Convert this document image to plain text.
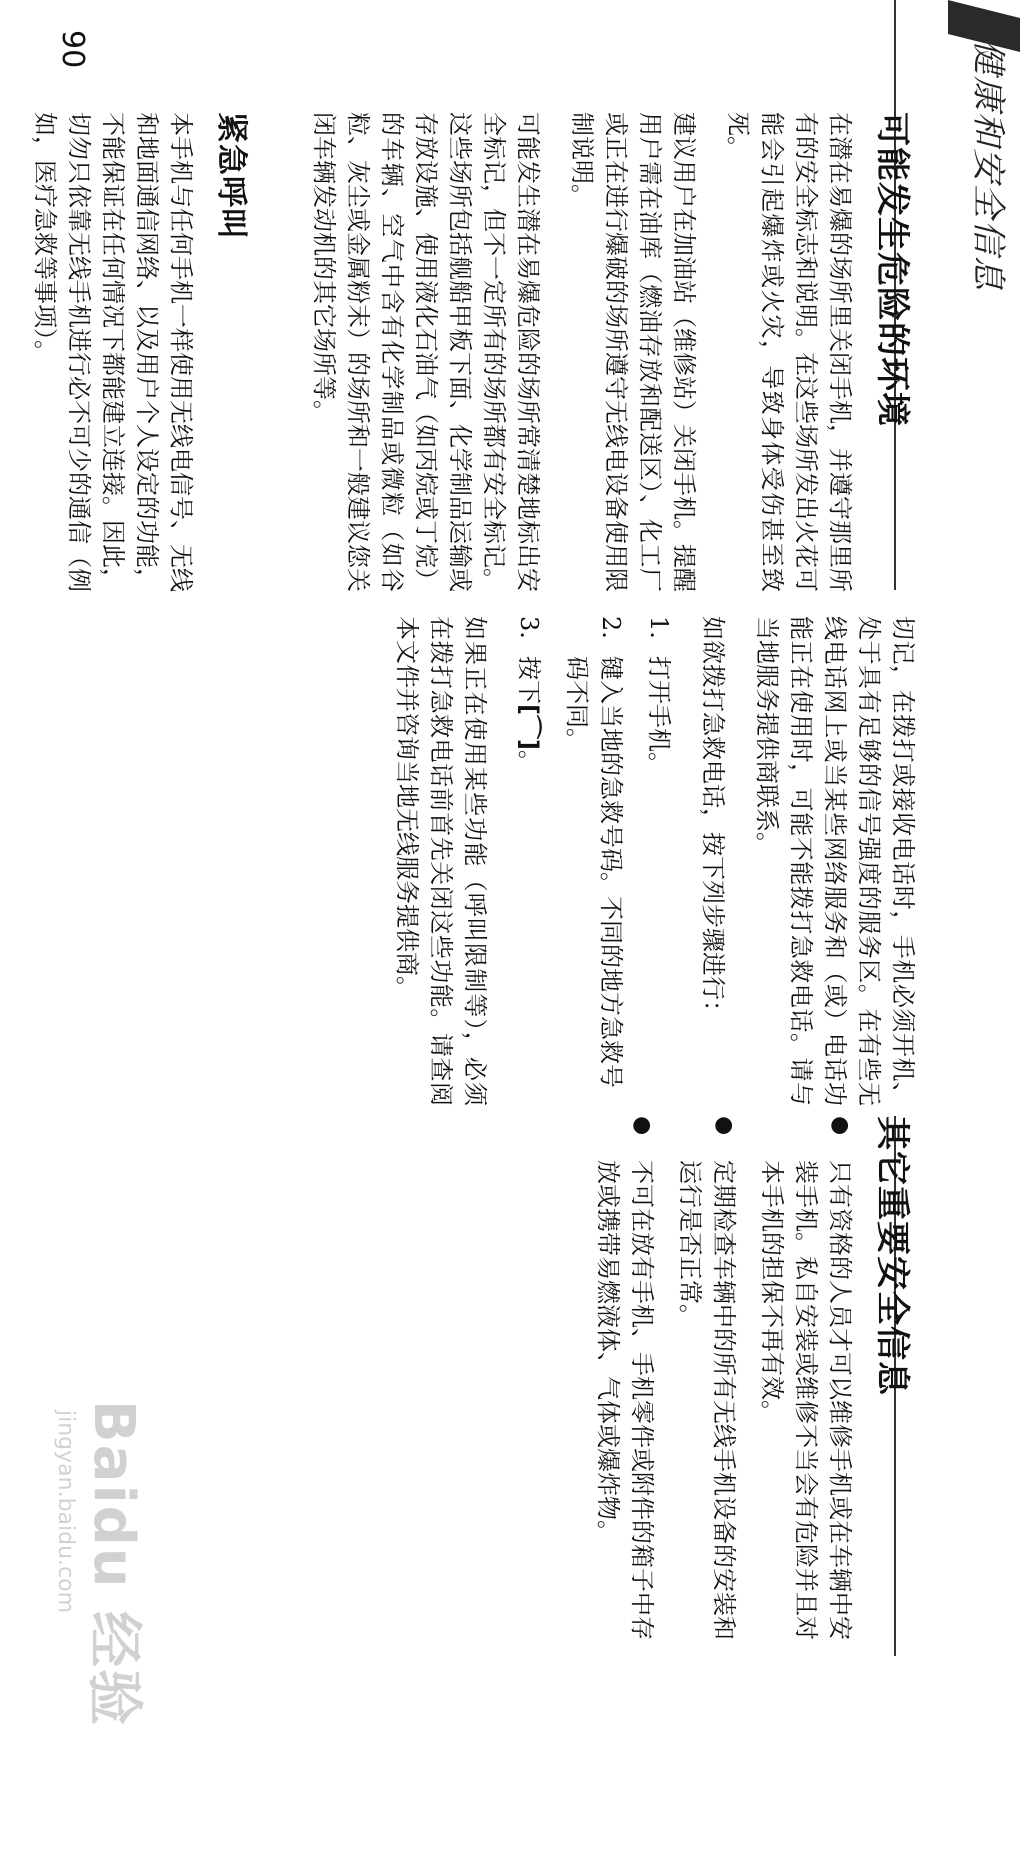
健康和安全信息
可能发生危险的环境

在潜在易爆的场所里关闭手机，并遵守那里所有的安全标志和说明。在这些场所发出火花可能会引起爆炸或火灾，导致身体受伤甚至致死。

建议用户在加油站（维修站）关闭手机。提醒用户需在油库（燃油存放和配送区）、化工厂或正在进行爆破的场所遵守无线电设备使用限制说明。

可能发生潜在易爆危险的场所常清楚地标出安全标记，但不一定所有的场所都有安全标记。这些场所包括舰船甲板下面、化学制品运输或存放设施、使用液化石油气（如丙烷或丁烷）的车辆、空气中含有化学制品或微粒（如谷粒、灰尘或金属粉末）的场所和一般建议您关闭车辆发动机的其它场所等。

紧急呼叫

本手机与任何手机一样使用无线电信号、无线和地面通信网络、以及用户个人设定的功能，不能保证在任何情况下都能建立连接。因此，切勿只依靠无线手机进行必不可少的通信（例如，医疗急救等事项）。

切记，在拨打或接收电话时，手机必须开机、处于具有足够的信号强度的服务区。在有些无线电话网上或当某些网络服务和（或）电话功能正在使用时，可能不能拨打急救电话。请与当地服务提供商联系。

如欲拨打急救电话，按下列步骤进行：

1.
打开手机。
2.
键入当地的急救号码。不同的地方急救号码不同。
3.
按下
[⌒]
。

如果正在使用某些功能（呼叫限制等），必须在拨打急救电话前首先关闭这些功能。请查阅本文件并咨询当地无线服务提供商。

其它重要安全信息
●
只有资格的人员才可以维修手机或在车辆中安装手机。私自安装或维修不当会有危险并且对本手机的担保不再有效。
●
定期检查车辆中的所有无线手机设备的安装和运行是否正常。
●
不可在放有手机、手机零件或附件的箱子中存放或携带易燃液体、气体或爆炸物。
90
Baidu 经验
jingyan.baidu.com
